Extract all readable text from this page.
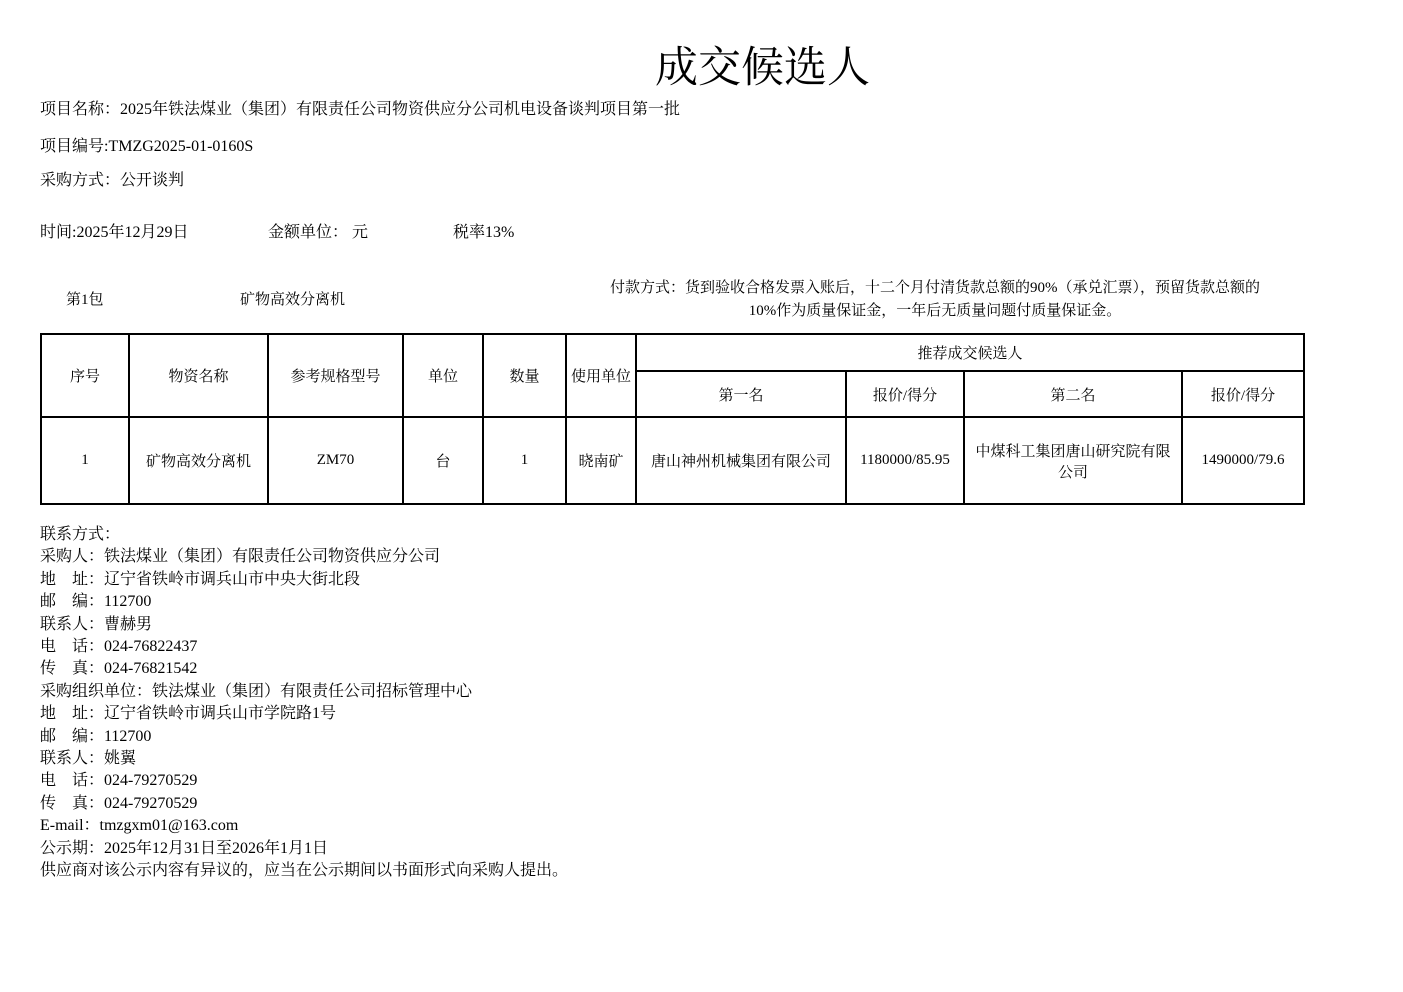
成交候选人
项目名称：2025年铁法煤业（集团）有限责任公司物资供应分公司机电设备谈判项目第一批
项目编号:TMZG2025-01-0160S
采购方式：公开谈判
时间:2025年12月29日	金额单位： 元	税率13%
第1包	矿物高效分离机
付款方式：货到验收合格发票入账后，十二个月付清货款总额的90%（承兑汇票），预留货款总额的
10%作为质量保证金，一年后无质量问题付质量保证金。
序号	物资名称	参考规格型号	单位	数量	使用单位	推荐成交候选人			
						第一名	报价/得分	第二名	报价/得分
1	矿物高效分离机	ZM70	台	1	晓南矿	唐山神州机械集团有限公司	1180000/85.95	中煤科工集团唐山研究院有限公司	1490000/79.6
联系方式：
采购人：铁法煤业（集团）有限责任公司物资供应分公司
地　址：辽宁省铁岭市调兵山市中央大街北段
邮　编：112700
联系人：曹赫男
电　话：024-76822437
传　真：024-76821542
采购组织单位：铁法煤业（集团）有限责任公司招标管理中心
地　址：辽宁省铁岭市调兵山市学院路1号
邮　编：112700
联系人：姚翼
电　话：024-79270529
传　真：024-79270529
E-mail：tmzgxm01@163.com
公示期：2025年12月31日至2026年1月1日
供应商对该公示内容有异议的，应当在公示期间以书面形式向采购人提出。
